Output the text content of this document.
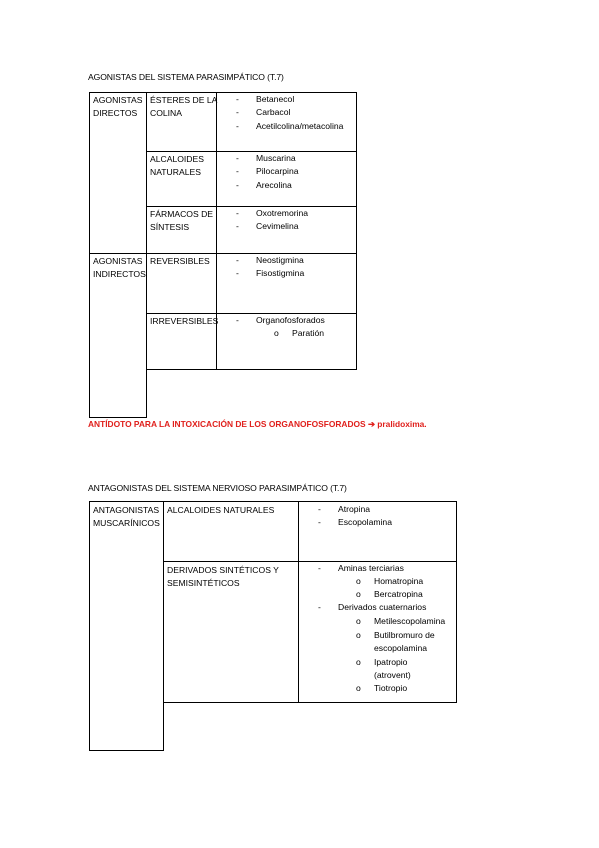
AGONISTAS DEL SISTEMA PARASIMPÁTICO (T.7)
AGONISTAS
DIRECTOS
AGONISTAS
INDIRECTOS
ÉSTERES DE LA
COLINA
- Betanecol
- Carbacol
- Acetilcolina/metacolina
ALCALOIDES
NATURALES
- Muscarina
- Pilocarpina
- Arecolina
FÁRMACOS DE
SÍNTESIS
- Oxotremorina
- Cevimelina
REVERSIBLES	- Neostigmina
- Fisostigmina
IRREVERSIBLES - Organofosforados
o Paratión
ANTÍDOTO PARA LA INTOXICACIÓN DE LOS ORGANOFOSFORADOS ➔ pralidoxima.
ANTAGONISTAS DEL SISTEMA NERVIOSO PARASIMPÁTICO (T.7)
ANTAGONISTAS
MUSCARÍNICOS
ALCALOIDES NATURALES	- Atropina
- Escopolamina
DERIVADOS SINTÉTICOS Y
SEMISINTÉTICOS
- Aminas terciarias
o Homatropina
o Bercatropina
- Derivados cuaternarios
o Metilescopolamina
o Butilbromuro de
escopolamina
o Ipatropio
(atrovent)
o Tiotropio
